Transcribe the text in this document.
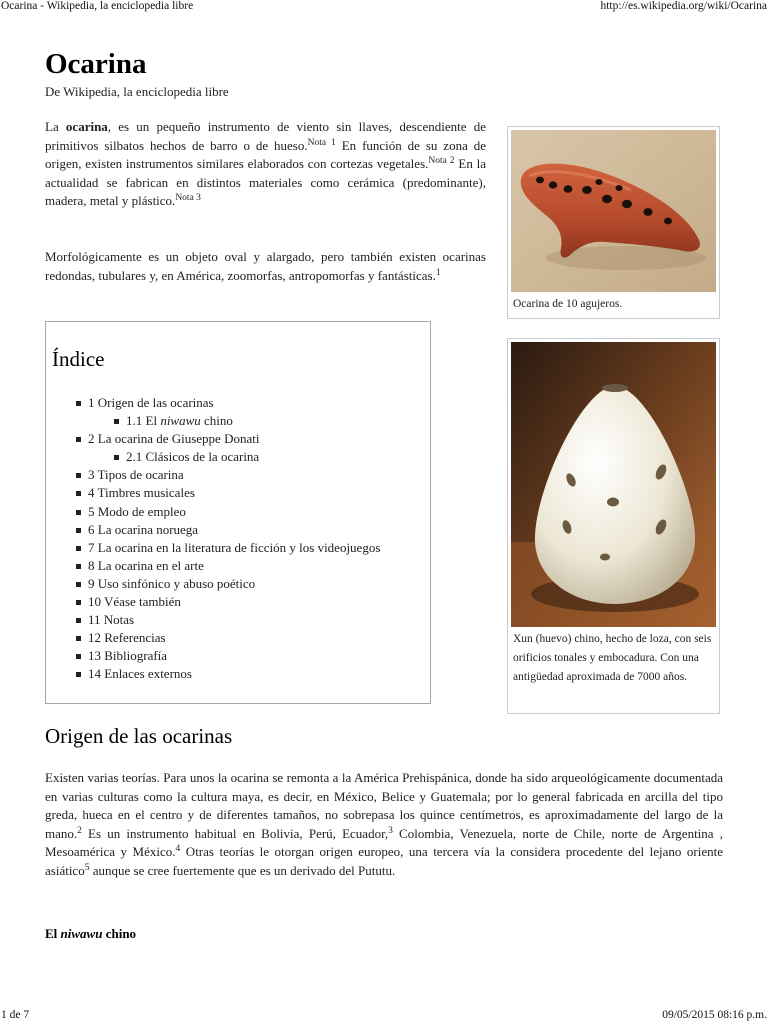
Ocarina - Wikipedia, la enciclopedia libre	http://es.wikipedia.org/wiki/Ocarina
Ocarina
De Wikipedia, la enciclopedia libre

La ocarina, es un pequeño instrumento de viento sin llaves, descendiente de primitivos silbatos hechos de barro o de hueso.$^{Nota 1}$ En función de su zona de origen, existen instrumentos similares elaborados con cortezas vegetales.$^{Nota 2}$ En la actualidad se fabrican en distintos materiales como cerámica (predominante), madera, metal y plástico.$^{Nota 3}$

Morfológicamente es un objeto oval y alargado, pero también existen ocarinas redondas, tubulares y, en América, zoomorfas, antropomorfas y fantásticas.$^1$

Ocarina de 10 agujeros.
Xun (huevo) chino, hecho de loza, con seis orificios tonales y embocadura. Con una antigüedad aproximada de 7000 años.
Índice
1 Origen de las ocarinas
1.1 El niwawu chino
2 La ocarina de Giuseppe Donati
2.1 Clásicos de la ocarina
3 Tipos de ocarina
4 Timbres musicales
5 Modo de empleo
6 La ocarina noruega
7 La ocarina en la literatura de ficción y los videojuegos
8 La ocarina en el arte
9 Uso sinfónico y abuso poético
10 Véase también
11 Notas
12 Referencias
13 Bibliografía
14 Enlaces externos
Origen de las ocarinas

Existen varias teorías. Para unos la ocarina se remonta a la América Prehispánica, donde ha sido arqueológicamente documentada en varias culturas como la cultura maya, es decir, en México, Belice y Guatemala; por lo general fabricada en arcilla del tipo greda, hueca en el centro y de diferentes tamaños, no sobrepasa los quince centímetros, es aproximadamente del largo de la mano.$^2$ Es un instrumento habitual en Bolivia, Perú, Ecuador,$^3$ Colombia, Venezuela, norte de Chile, norte de Argentina , Mesoamérica y México.$^4$ Otras teorías le otorgan origen europeo, una tercera vía la considera procedente del lejano oriente asiático$^5$ aunque se cree fuertemente que es un derivado del Pututu.

El niwawu chino
1 de 7	09/05/2015 08:16 p.m.
